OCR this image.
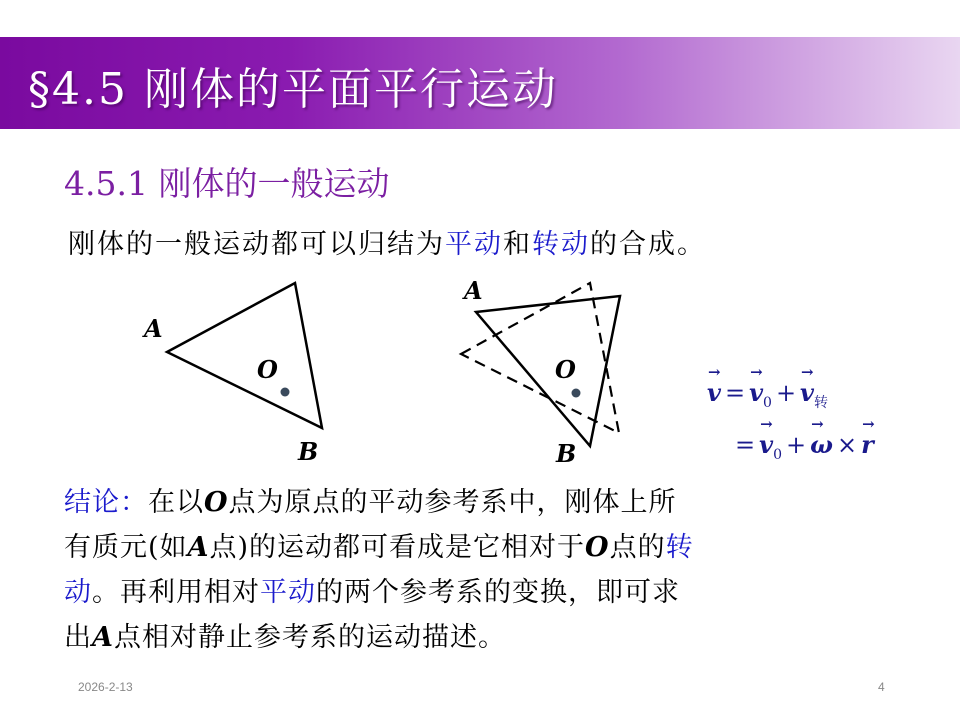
§4.5 刚体的平面平行运动
4.5.1 刚体的一般运动
刚体的一般运动都可以归结为平动和转动的合成。
A
O
B
A
O
B
→ $v =\to v_0 +\to v_转$
=→ $v_0 +\to \omega \times\to r$
结论：在以O点为原点的平动参考系中，刚体上所
有质元(如A点)的运动都可看成是它相对于O点的转
动。再利用相对平动的两个参考系的变换，即可求
出A点相对静止参考系的运动描述。
2026-2-13	4
